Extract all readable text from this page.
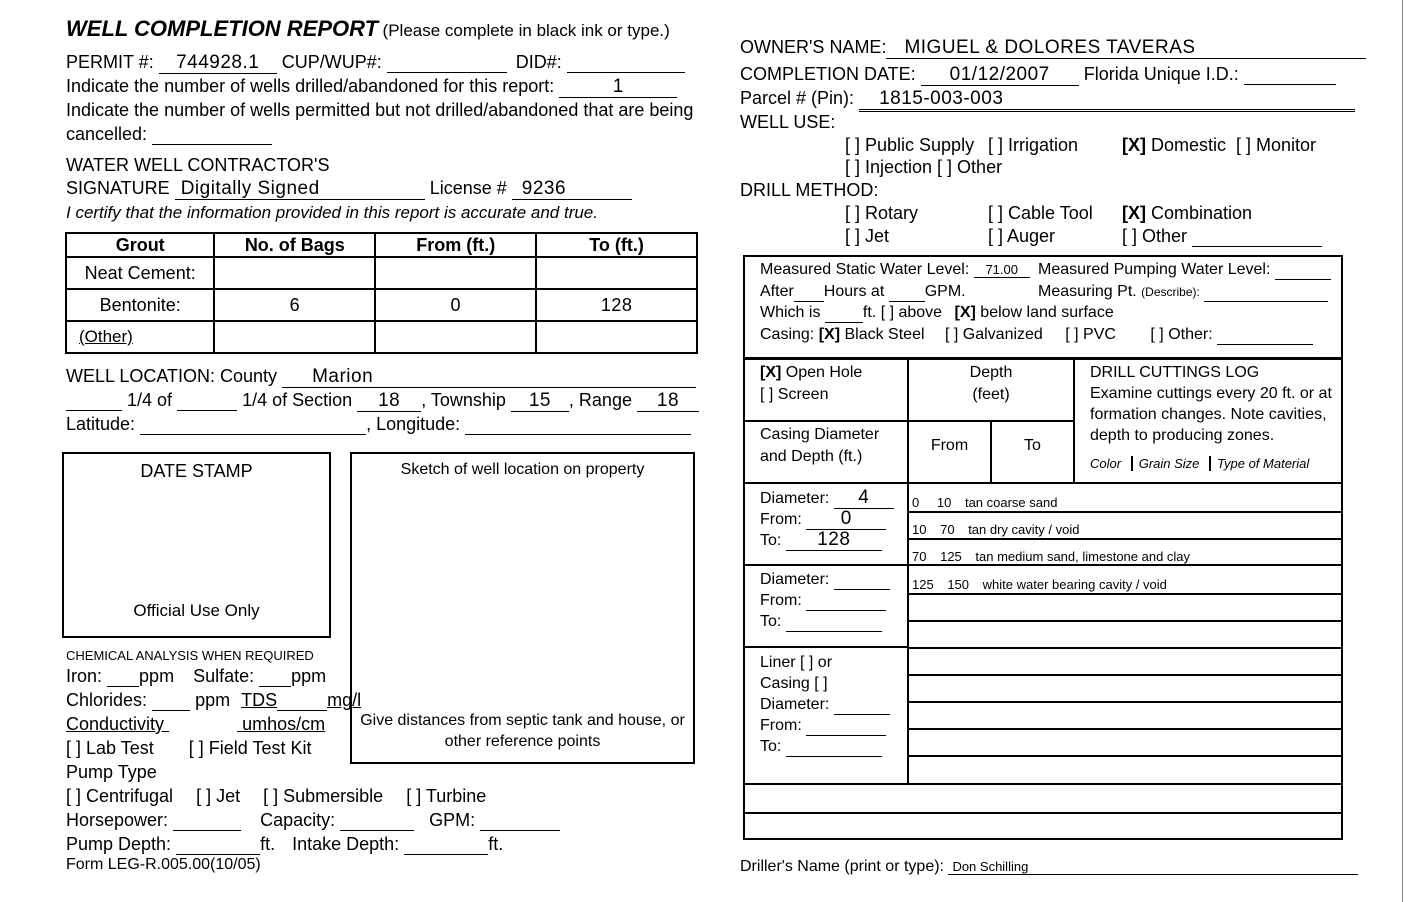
WELL COMPLETION REPORT (Please complete in black ink or type.)
PERMIT #: 744928.1 CUP/WUP#:	DID#:
Indicate the number of wells drilled/abandoned for this report:	1
Indicate the number of wells permitted but not drilled/abandoned that are being
cancelled:
WATER WELL CONTRACTOR'S
SIGNATURE Digitally Signed	License # 9236
I certify that the information provided in this report is accurate and true.
Grout	No. of Bags	From (ft.)	To (ft.)
Neat Cement:			
Bentonite:	6	0	128
(Other)			
WELL LOCATION: County Marion
1/4 of	1/4 of Section 18 , Township 15 , Range 18
Latitude:	, Longitude:
DATE STAMP
Official Use Only
Sketch of well location on property
Give distances from septic tank and house, or
other reference points
CHEMICAL ANALYSIS WHEN REQUIRED
Iron: ppm Sulfate: ppm
Chlorides:	ppm TDS	mg/l
Conductivity	umhos/cm
[ ] Lab Test [ ] Field Test Kit
Pump Type
[ ] Centrifugal [ ] Jet [ ] Submersible [ ] Turbine
Horsepower:	Capacity:	GPM:
Pump Depth:	ft. Intake Depth:	ft.
Form LEG-R.005.00(10/05)
OWNER'S NAME: MIGUEL & DOLORES TAVERAS
COMPLETION DATE: 01/12/2007 Florida Unique I.D.:
Parcel # (Pin): 1815-003-003
WELL USE:
[ ] Public Supply [ ] Irrigation [X] Domestic [ ] Monitor
[ ] Injection [ ] Other
DRILL METHOD:
[ ] Rotary	[ ] Cable Tool [X] Combination
[ ] Jet	[ ] Auger	[ ] Other
Measured Static Water Level: 71.00	Measured Pumping Water Level:
After Hours at	GPM.	Measuring Pt. (Describe):
Which is	ft. [ ] above [X] below land surface
Casing: [X] Black Steel [ ] Galvanized [ ] PVC [ ] Other:
[X] Open Hole
[ ] Screen
Depth
(feet)
Casing Diameter
and Depth (ft.)
From	To
DRILL CUTTINGS LOG
Examine cuttings every 20 ft. or at
formation changes. Note cavities,
depth to producing zones.
Color Grain Size Type of Material
Diameter: 4
From: 0
To: 128
Diameter:
From:
To:
Liner [ ] or
Casing [ ]
Diameter:
From:
To:
0 10 tan coarse sand
10 70 tan dry cavity / void
70 125 tan medium sand, limestone and clay
125 150 white water bearing cavity / void
Driller's Name (print or type): Don Schilling
